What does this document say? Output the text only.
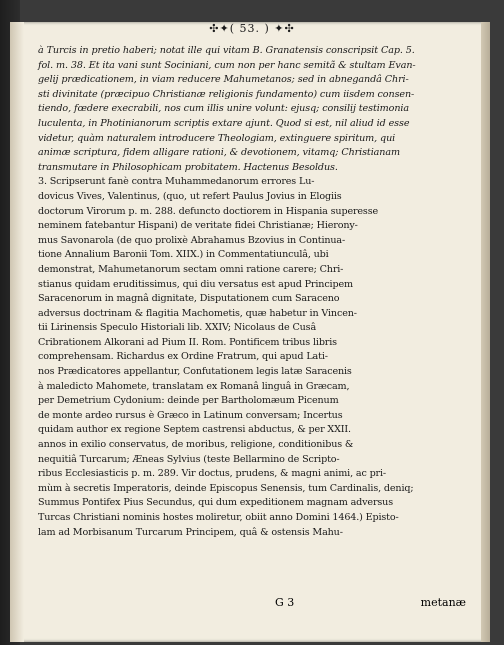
✣✦( 53. ) ✦✣
à Turcis in pretio haberi; notat ille qui vitam B. Granatensis conscripsit Cap. 5.
fol. m. 38. Et ita vani sunt Sociniani, cum non per hanc semitã & stultam Evan-
gelij prædicationem, in viam reducere Mahumetanos; sed in abnegandâ Chri-
sti divinitate (præcipuo Christianæ religionis fundamento) cum iisdem consen-
tiendo, fœdere execrabili, nos cum illis unire volunt: ejusq; consilij testimonia
luculenta, in Photinianorum scriptis extare ajunt. Quod si est, nil aliud id esse
videtur, quàm naturalem introducere Theologiam, extinguere spiritum, qui
animæ scriptura, fidem alligare rationi, & devotionem, vitamq; Christianam
transmutare in Philosophicam probitatem. Hactenus Besoldus.
3. Scripserunt fanè contra Muhammedanorum errores Lu-
dovicus Vives, Valentinus, (quo, ut refert Paulus Jovius in Elogiis
doctorum Virorum p. m. 288. defuncto doctiorem in Hispania superesse
neminem fatebantur Hispani) de veritate fidei Christianæ; Hierony-
mus Savonarola (de quo prolixè Abrahamus Bzovius in Continua-
tione Annalium Baronii Tom. XIIX.) in Commentatiunculâ, ubi
demonstrat, Mahumetanorum sectam omni ratione carere; Chri-
stianus quidam eruditissimus, qui diu versatus est apud Principem
Saracenorum in magnâ dignitate, Disputationem cum Saraceno
adversus doctrinam & flagitia Machometis, quæ habetur in Vincen-
tii Lirinensis Speculo Historiali lib. XXIV; Nicolaus de Cusâ
Cribrationem Alkorani ad Pium II. Rom. Pontificem tribus libris
comprehensam. Richardus ex Ordine Fratrum, qui apud Lati-
nos Prædicatores appellantur, Confutationem legis latæ Saracenis
à maledicto Mahomete, translatam ex Romanâ linguâ in Græcam,
per Demetrium Cydonium: deinde per Bartholomæum Picenum
de monte ardeo rursus è Græco in Latinum conversam; Incertus
quidam author ex regione Septem castrensi abductus, & per XXII.
annos in exilio conservatus, de moribus, religione, conditionibus &
nequitiâ Turcarum; Æneas Sylvius (teste Bellarmino de Scripto-
ribus Ecclesiasticis p. m. 289. Vir doctus, prudens, & magni animi, ac pri-
mùm à secretis Imperatoris, deinde Episcopus Senensis, tum Cardinalis, deniq;
Summus Pontifex Pius Secundus, qui dum expeditionem magnam adversus
Turcas Christiani nominis hostes moliretur, obiit anno Domini 1464.) Episto-
lam ad Morbisanum Turcarum Principem, quâ & ostensis Mahu-
G 3	metanæ
